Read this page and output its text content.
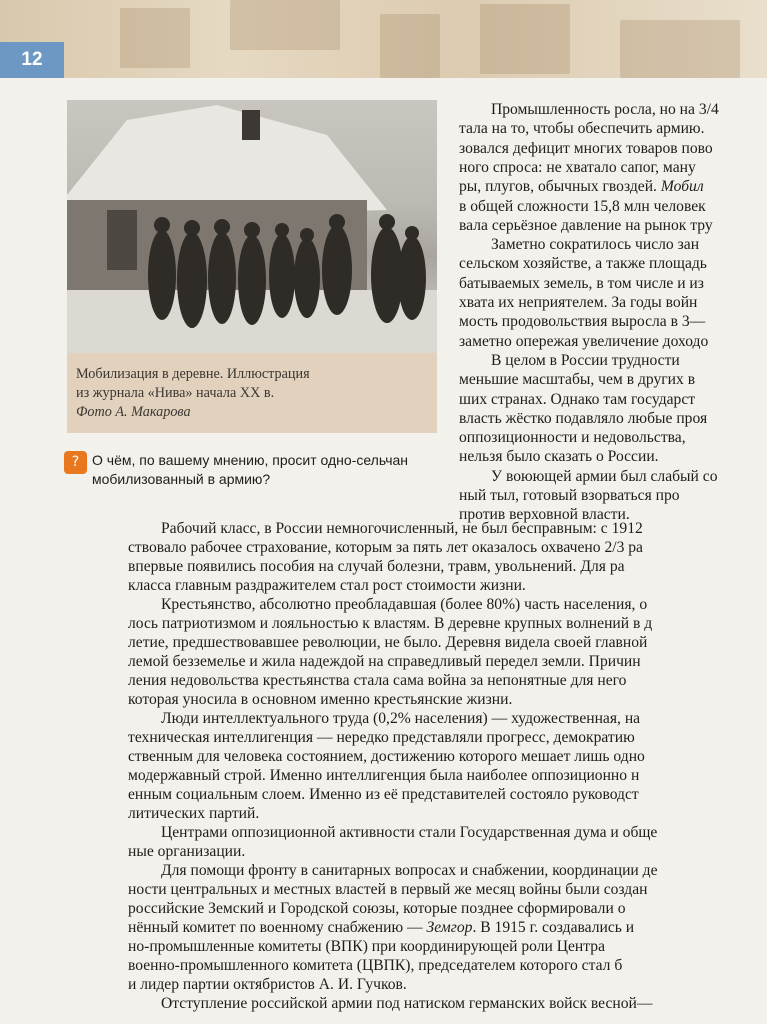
12
Мобилизация в деревне. Иллюстрация
из журнала «Нива» начала XX в.
Фото А. Макарова
? О чём, по вашему мнению, просит одно-сельчан мобилизованный в армию?
Промышленность росла, но на 3/4
тала на то, чтобы обеспечить армию.
зовался дефицит многих товаров пово
ного спроса: не хватало сапог, ману
ры, плугов, обычных гвоздей. Мобил
в общей сложности 15,8 млн человек
вала серьёзное давление на рынок тру
Заметно сократилось число зан
сельском хозяйстве, а также площадь
батываемых земель, в том числе и из
хвата их неприятелем. За годы войн
мость продовольствия выросла в 3—
заметно опережая увеличение доходо
В целом в России трудности
меньшие масштабы, чем в других в
ших странах. Однако там государст
власть жёстко подавляло любые проя
оппозиционности и недовольства,
нельзя было сказать о России.
У воюющей армии был слабый со
ный тыл, готовый взорваться про
против верховной власти.
Рабочий класс, в России немногочисленный, не был бесправным: с 1912
ствовало рабочее страхование, которым за пять лет оказалось охвачено 2/3 ра
впервые появились пособия на случай болезни, травм, увольнений. Для ра
класса главным раздражителем стал рост стоимости жизни.
Крестьянство, абсолютно преобладавшая (более 80%) часть населения, о
лось патриотизмом и лояльностью к властям. В деревне крупных волнений в д
летие, предшествовавшее революции, не было. Деревня видела своей главной
лемой безземелье и жила надеждой на справедливый передел земли. Причин
ления недовольства крестьянства стала сама война за непонятные для него
которая уносила в основном именно крестьянские жизни.
Люди интеллектуального труда (0,2% населения) — художественная, на
техническая интеллигенция — нередко представляли прогресс, демократию
ственным для человека состоянием, достижению которого мешает лишь одно
модержавный строй. Именно интеллигенция была наиболее оппозиционно н
енным социальным слоем. Именно из её представителей состояло руководст
литических партий.
Центрами оппозиционной активности стали Государственная дума и обще
ные организации.
Для помощи фронту в санитарных вопросах и снабжении, координации де
ности центральных и местных властей в первый же месяц войны были создан
российские Земский и Городской союзы, которые позднее сформировали о
нённый комитет по военному снабжению — Земгор. В 1915 г. создавались и
но-промышленные комитеты (ВПК) при координирующей роли Центра
военно-промышленного комитета (ЦВПК), председателем которого стал б
и лидер партии октябристов А. И. Гучков.
Отступление российской армии под натиском германских войск весной—
